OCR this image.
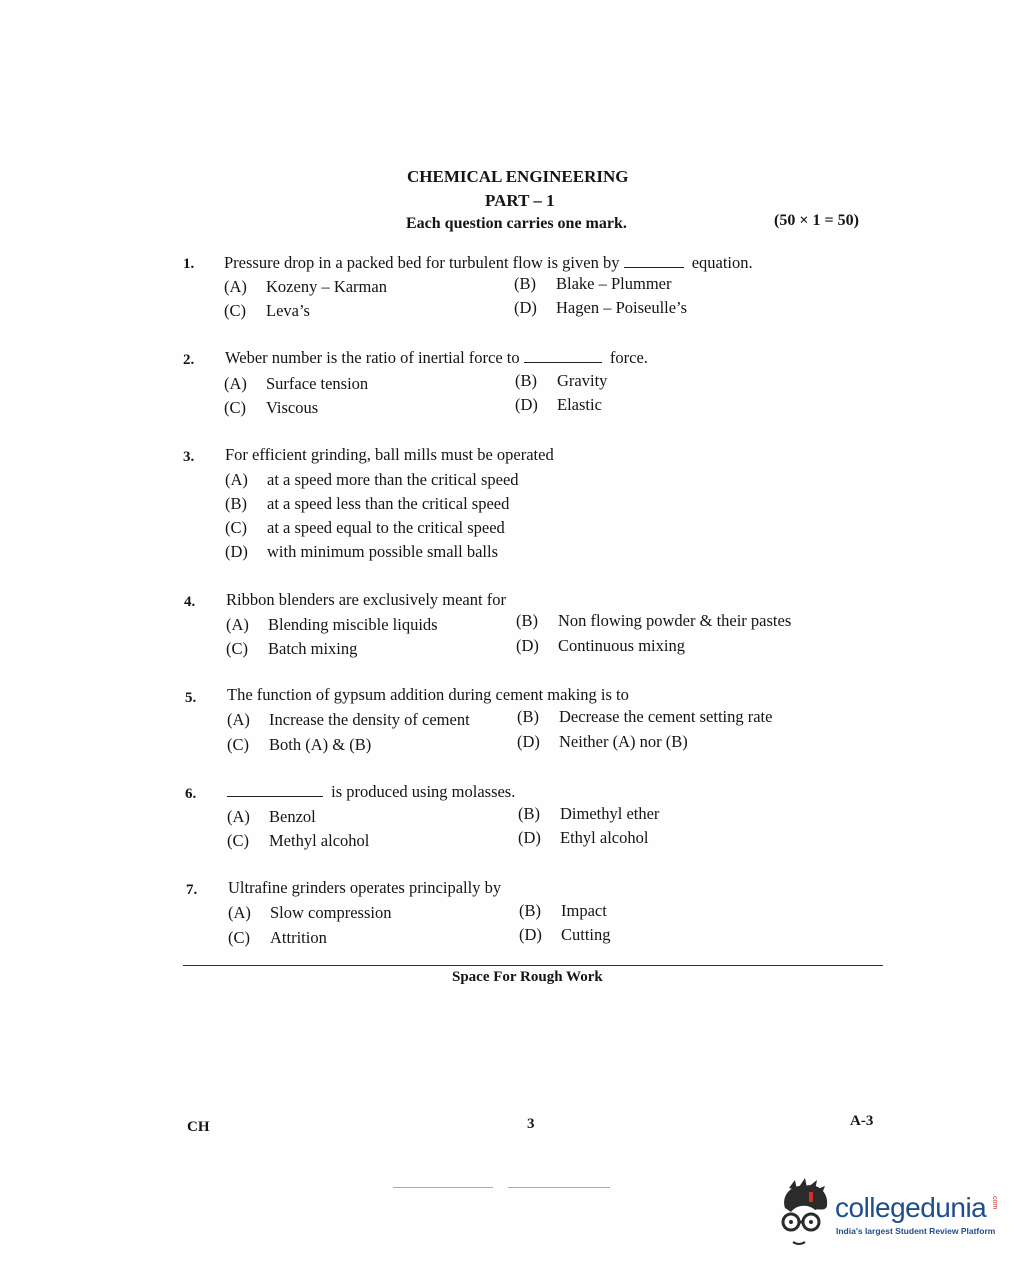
CHEMICAL ENGINEERING
PART – 1
Each question carries one mark.	(50 × 1 = 50)
1. Pressure drop in a packed bed for turbulent flow is given by	equation.
(A) Kozeny – Karman	(B) Blake – Plummer
(C) Leva’s	(D) Hagen – Poiseulle’s
2. Weber number is the ratio of inertial force to	force.
(A) Surface tension	(B) Gravity
(C) Viscous	(D) Elastic
3. For efficient grinding, ball mills must be operated
(A) at a speed more than the critical speed
(B) at a speed less than the critical speed
(C) at a speed equal to the critical speed
(D) with minimum possible small balls
4. Ribbon blenders are exclusively meant for
(A) Blending miscible liquids	(B) Non flowing powder & their pastes
(C) Batch mixing	(D) Continuous mixing
5. The function of gypsum addition during cement making is to
(A) Increase the density of cement	(B) Decrease the cement setting rate
(C) Both (A) & (B)	(D) Neither (A) nor (B)
6.	is produced using molasses.
(A) Benzol	(B) Dimethyl ether
(C) Methyl alcohol	(D) Ethyl alcohol
7. Ultrafine grinders operates principally by
(A) Slow compression	(B) Impact
(C) Attrition	(D) Cutting
Space For Rough Work
CH	3	A-3
collegedunia .com
India's largest Student Review Platform
